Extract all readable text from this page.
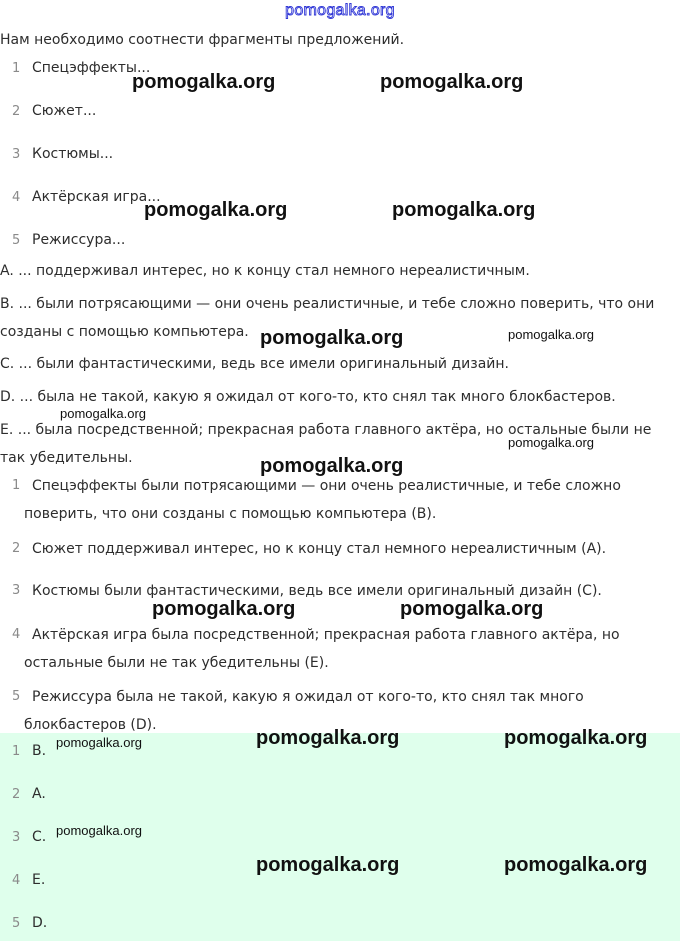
pomogalka.org
Нам необходимо соотнести фрагменты предложений.
1 Спецэффекты...
2 Сюжет...
3 Костюмы...
4 Актёрская игра...
5 Режиссура...
A. ... поддерживал интерес, но к концу стал немного нереалистичным.
B. ... были потрясающими — они очень реалистичные, и тебе сложно поверить, что они созданы с помощью компьютера.
C. ... были фантастическими, ведь все имели оригинальный дизайн.
D. ... была не такой, какую я ожидал от кого-то, кто снял так много блокбастеров.
E. ... была посредственной; прекрасная работа главного актёра, но остальные были не так убедительны.
1 Спецэффекты были потрясающими — они очень реалистичные, и тебе сложно поверить, что они созданы с помощью компьютера (B).
2 Сюжет поддерживал интерес, но к концу стал немного нереалистичным (A).
3 Костюмы были фантастическими, ведь все имели оригинальный дизайн (C).
4 Актёрская игра была посредственной; прекрасная работа главного актёра, но остальные были не так убедительны (E).
5 Режиссура была не такой, какую я ожидал от кого-то, кто снял так много блокбастеров (D).
1 B.
2 A.
3 C.
4 E.
5 D.
pomogalka.org	pomogalka.org
pomogalka.org	pomogalka.org
pomogalka.org	pomogalka.org
pomogalka.org
pomogalka.org
pomogalka.org
pomogalka.org	pomogalka.org
pomogalka.org	pomogalka.org	pomogalka.org
pomogalka.org
pomogalka.org	pomogalka.org
